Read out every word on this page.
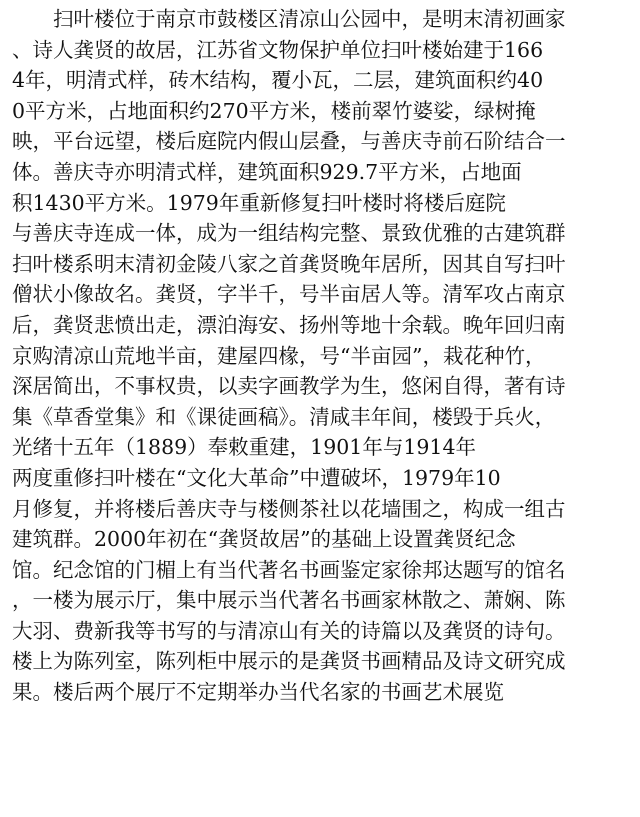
　　扫叶楼位于南京市鼓楼区清凉山公园中，是明末清初画家
、诗人龚贤的故居，江苏省文物保护单位扫叶楼始建于166
4年，明清式样，砖木结构，覆小瓦，二层，建筑面积约40
0平方米，占地面积约270平方米，楼前翠竹婆娑，绿树掩
映，平台远望，楼后庭院内假山层叠，与善庆寺前石阶结合一
体。善庆寺亦明清式样，建筑面积929.7平方米，占地面
积1430平方米。1979年重新修复扫叶楼时将楼后庭院
与善庆寺连成一体，成为一组结构完整、景致优雅的古建筑群
扫叶楼系明末清初金陵八家之首龚贤晚年居所，因其自写扫叶
僧状小像故名。龚贤，字半千，号半亩居人等。清军攻占南京
后，龚贤悲愤出走，漂泊海安、扬州等地十余载。晚年回归南
京购清凉山荒地半亩，建屋四椽，号“半亩园”，栽花种竹，
深居简出，不事权贵，以卖字画教学为生，悠闲自得，著有诗
集《草香堂集》和《课徒画稿》。清咸丰年间，楼毁于兵火，
光绪十五年（1889）奉敕重建，1901年与1914年
两度重修扫叶楼在“文化大革命”中遭破坏，1979年10
月修复，并将楼后善庆寺与楼侧茶社以花墙围之，构成一组古
建筑群。2000年初在“龚贤故居”的基础上设置龚贤纪念
馆。纪念馆的门楣上有当代著名书画鉴定家徐邦达题写的馆名
，一楼为展示厅，集中展示当代著名书画家林散之、萧娴、陈
大羽、费新我等书写的与清凉山有关的诗篇以及龚贤的诗句。
楼上为陈列室，陈列柜中展示的是龚贤书画精品及诗文研究成
果。楼后两个展厅不定期举办当代名家的书画艺术展览
